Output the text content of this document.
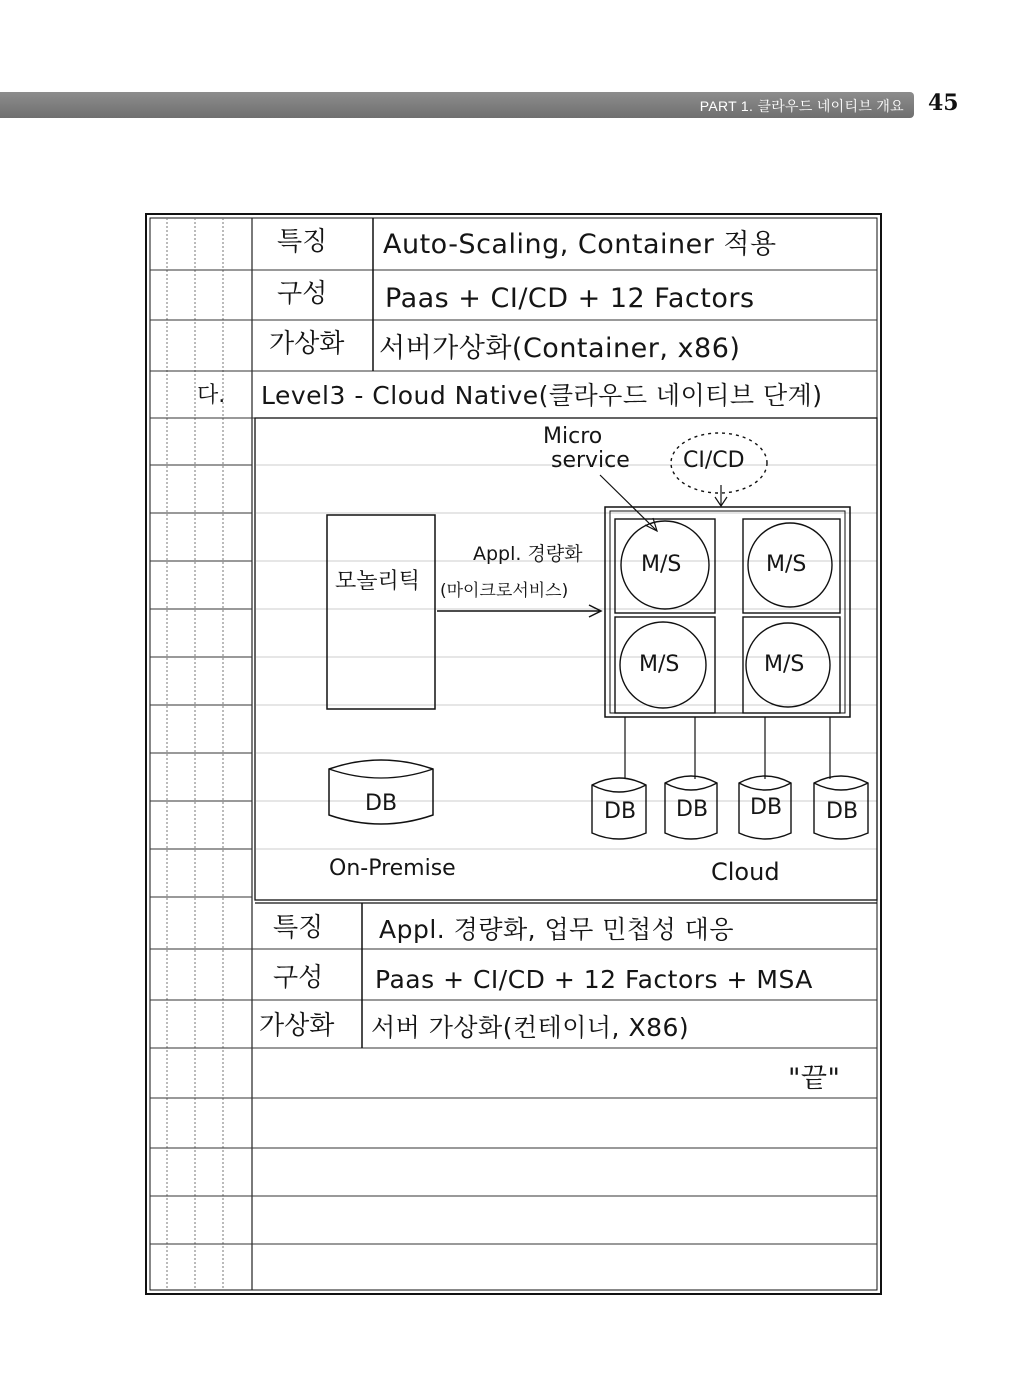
PART 1. 클라우드 네이티브 개요 45
특징 Auto-Scaling, Container 적용
구성 Paas + CI/CD + 12 Factors
가상화 서버가상화(Container, x86)
다. Level3 - Cloud Native(클라우드 네이티브 단계)
Micro
service CI/CD
모놀리틱
Appl. 경량화
(마이크로서비스)
M/S	M/S
M/S	M/S
DB	DB DB DB DB
On-Premise	Cloud
특징 Appl. 경량화, 업무 민첩성 대응
구성 Paas + CI/CD + 12 Factors + MSA
가상화 서버 가상화(컨테이너, X86)
"끝"
